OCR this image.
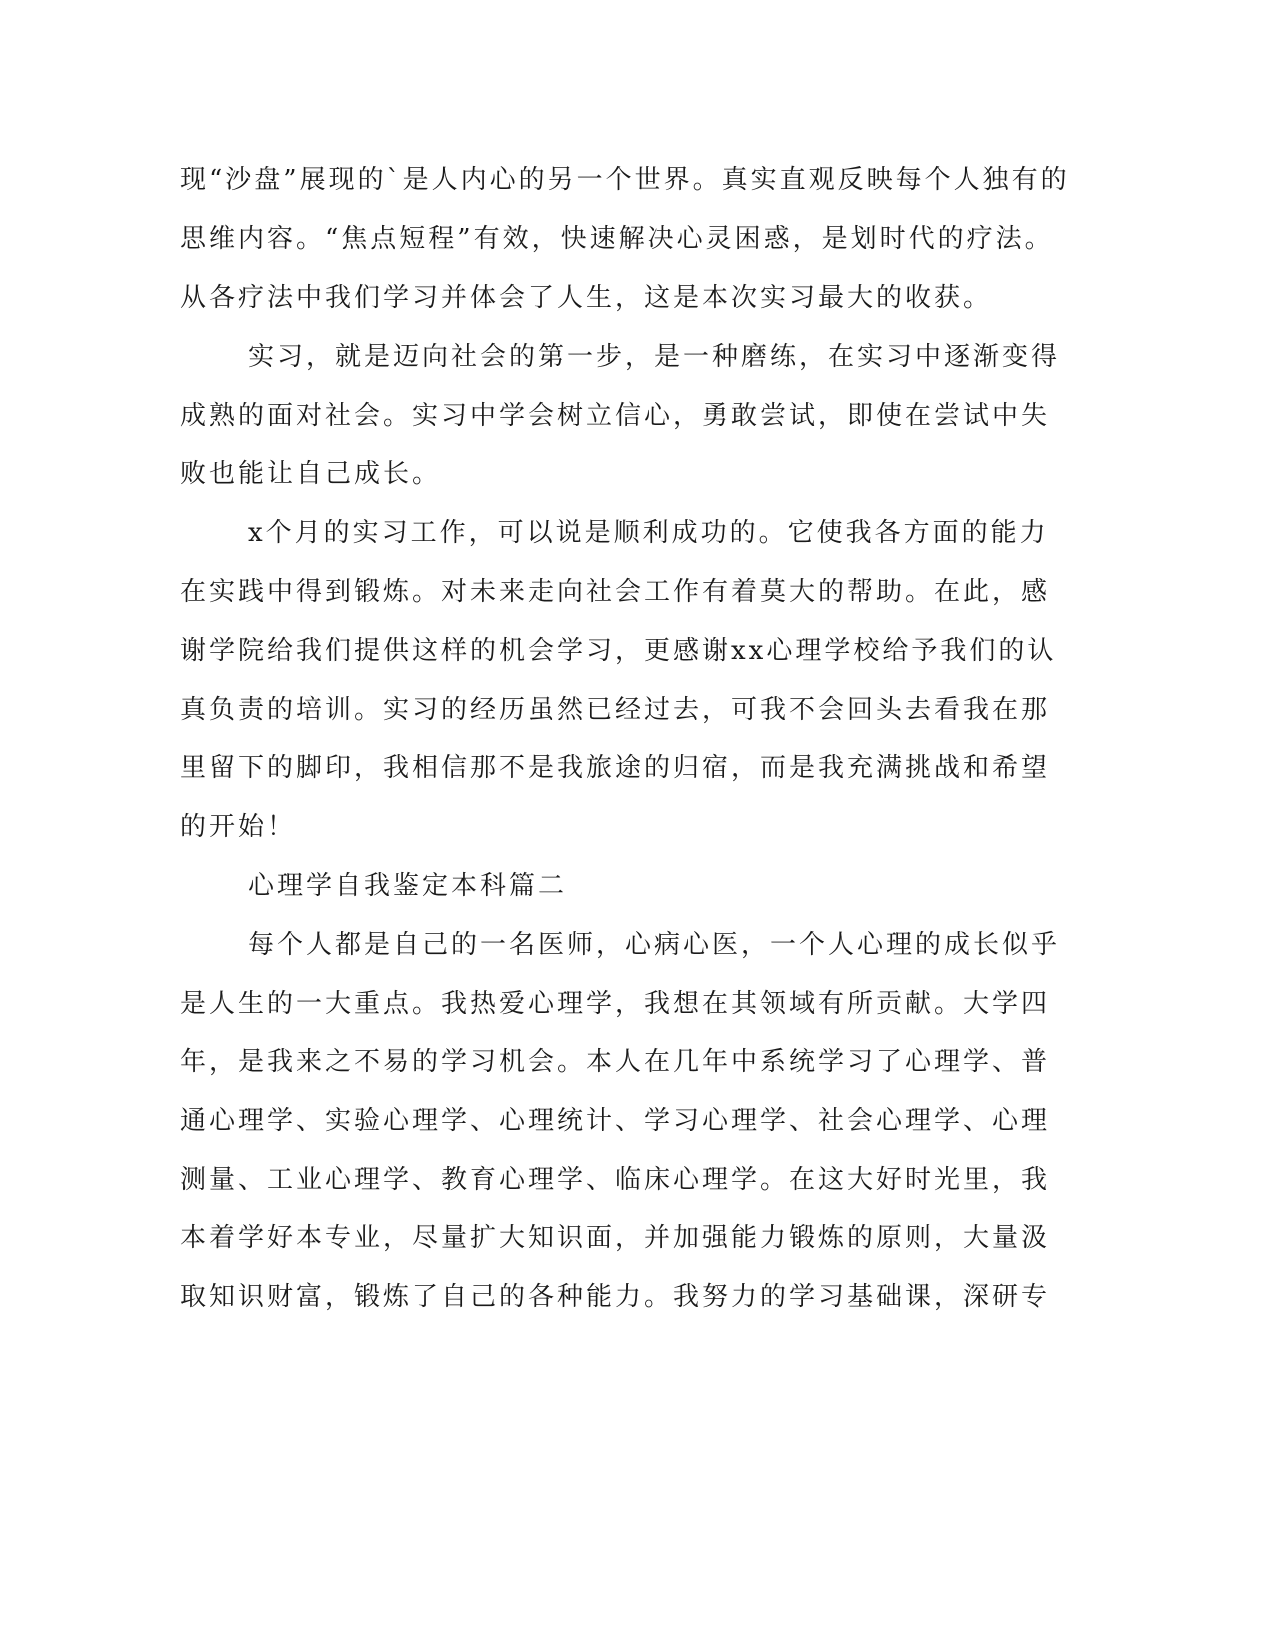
现“沙盘”展现的`是人内心的另一个世界。真实直观反映每个人独有的
思维内容。“焦点短程”有效，快速解决心灵困惑，是划时代的疗法。
从各疗法中我们学习并体会了人生，这是本次实习最大的收获。
实习，就是迈向社会的第一步，是一种磨练，在实习中逐渐变得
成熟的面对社会。实习中学会树立信心，勇敢尝试，即使在尝试中失
败也能让自己成长。
x个月的实习工作，可以说是顺利成功的。它使我各方面的能力
在实践中得到锻炼。对未来走向社会工作有着莫大的帮助。在此，感
谢学院给我们提供这样的机会学习，更感谢xx心理学校给予我们的认
真负责的培训。实习的经历虽然已经过去，可我不会回头去看我在那
里留下的脚印，我相信那不是我旅途的归宿，而是我充满挑战和希望
的开始！
心理学自我鉴定本科篇二
每个人都是自己的一名医师，心病心医，一个人心理的成长似乎
是人生的一大重点。我热爱心理学，我想在其领域有所贡献。大学四
年，是我来之不易的学习机会。本人在几年中系统学习了心理学、普
通心理学、实验心理学、心理统计、学习心理学、社会心理学、心理
测量、工业心理学、教育心理学、临床心理学。在这大好时光里，我
本着学好本专业，尽量扩大知识面，并加强能力锻炼的原则，大量汲
取知识财富，锻炼了自己的各种能力。我努力的学习基础课，深研专
